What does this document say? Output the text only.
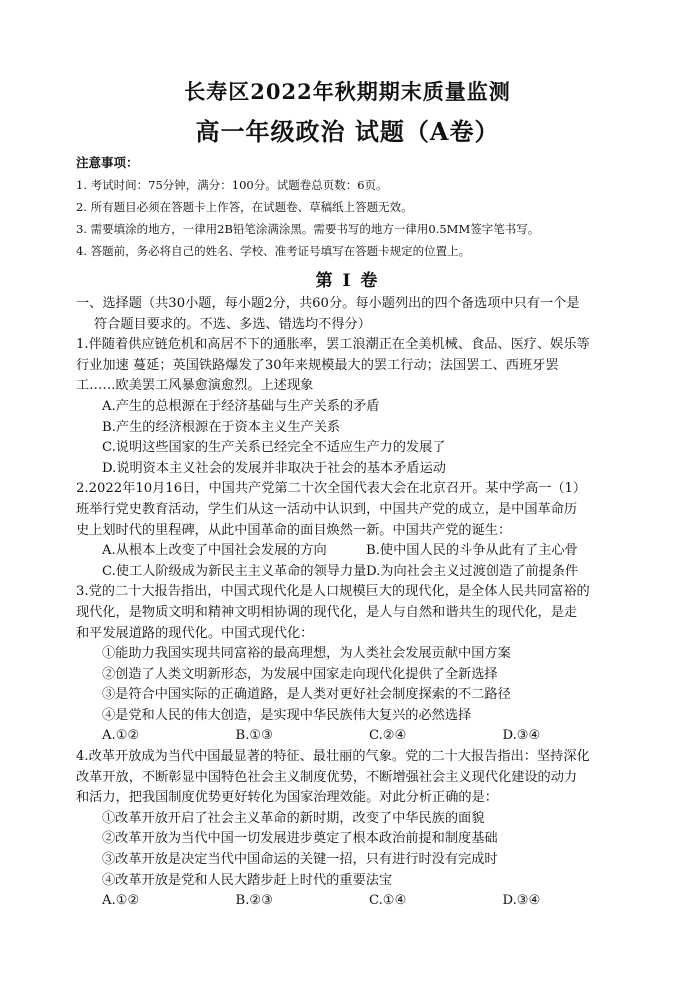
长寿区2022年秋期期末质量监测
高一年级政治 试题（A卷）
注意事项：
1. 考试时间：75分钟，满分：100分。试题卷总页数：6页。
2. 所有题目必须在答题卡上作答，在试题卷、草稿纸上答题无效。
3. 需要填涂的地方，一律用2B铅笔涂满涂黑。需要书写的地方一律用0.5MM签字笔书写。
4. 答题前，务必将自己的姓名、学校、准考证号填写在答题卡规定的位置上。
第 I 卷

一、选择题（共30小题，每小题2分，共60分。每小题列出的四个备选项中只有一个是

符合题目要求的。不选、多选、错选均不得分）

1.伴随着供应链危机和高居不下的通胀率，罢工浪潮正在全美机械、食品、医疗、娱乐等

行业加速 蔓延；英国铁路爆发了30年来规模最大的罢工行动；法国罢工、西班牙罢

工……欧美罢工风暴愈演愈烈。上述现象

A.产生的总根源在于经济基础与生产关系的矛盾
B.产生的经济根源在于资本主义生产关系
C.说明这些国家的生产关系已经完全不适应生产力的发展了
D.说明资本主义社会的发展并非取决于社会的基本矛盾运动

2.2022年10月16日，中国共产党第二十次全国代表大会在北京召开。某中学高一（1）

班举行党史教育活动，学生们从这一活动中认识到，中国共产党的成立，是中国革命历

史上划时代的里程碑，从此中国革命的面目焕然一新。中国共产党的诞生：

A.从根本上改变了中国社会发展的方向	B.使中国人民的斗争从此有了主心骨
C.使工人阶级成为新民主主义革命的领导力量 D.为向社会主义过渡创造了前提条件

3.党的二十大报告指出，中国式现代化是人口规模巨大的现代化，是全体人民共同富裕的

现代化，是物质文明和精神文明相协调的现代化，是人与自然和谐共生的现代化，是走

和平发展道路的现代化。中国式现代化：

①能助力我国实现共同富裕的最高理想，为人类社会发展贡献中国方案
②创造了人类文明新形态，为发展中国家走向现代化提供了全新选择
③是符合中国实际的正确道路，是人类对更好社会制度探索的不二路径
④是党和人民的伟大创造，是实现中华民族伟大复兴的必然选择
A.①②	B.①③	C.②④	D.③④

4.改革开放成为当代中国最显著的特征、最壮丽的气象。党的二十大报告指出：坚持深化

改革开放，不断彰显中国特色社会主义制度优势，不断增强社会主义现代化建设的动力

和活力，把我国制度优势更好转化为国家治理效能。对此分析正确的是：

①改革开放开启了社会主义革命的新时期，改变了中华民族的面貌
②改革开放为当代中国一切发展进步奠定了根本政治前提和制度基础
③改革开放是决定当代中国命运的关键一招，只有进行时没有完成时
④改革开放是党和人民大踏步赶上时代的重要法宝
A.①②	B.②③	C.①④	D.③④
